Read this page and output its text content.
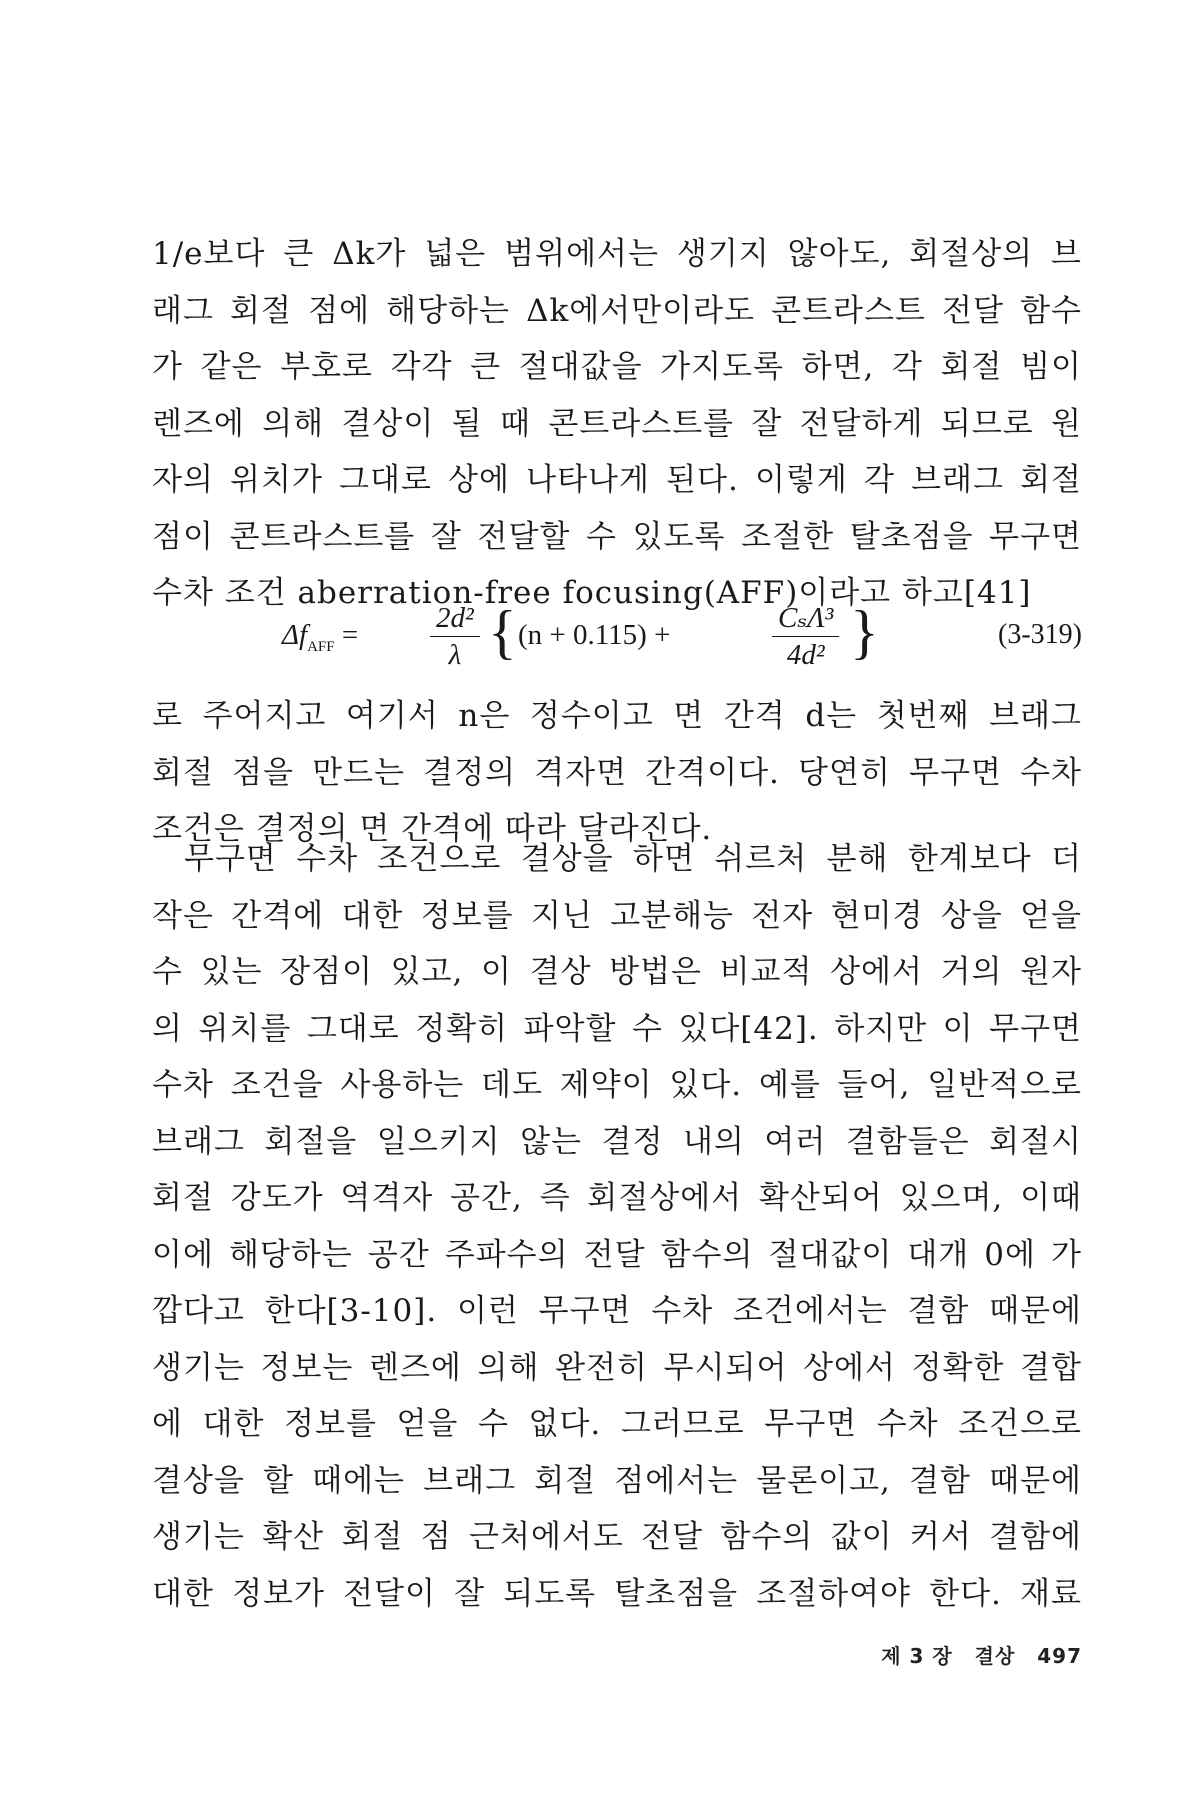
1/e보다 큰 Δk가 넓은 범위에서는 생기지 않아도, 회절상의 브
래그 회절 점에 해당하는 Δk에서만이라도 콘트라스트 전달 함수
가 같은 부호로 각각 큰 절대값을 가지도록 하면, 각 회절 빔이
렌즈에 의해 결상이 될 때 콘트라스트를 잘 전달하게 되므로 원
자의 위치가 그대로 상에 나타나게 된다. 이렇게 각 브래그 회절
점이 콘트라스트를 잘 전달할 수 있도록 조절한 탈초점을 무구면
수차 조건 aberration-free focusing(AFF)이라고 하고[41]
$\Delta f_{AFF} = \frac{\text{2d²}}{\lambda}$ { (n + 0.115) +
CₛΛ³
4d² }	(3-319)
로 주어지고 여기서 n은 정수이고 면 간격 d는 첫번째 브래그
회절 점을 만드는 결정의 격자면 간격이다. 당연히 무구면 수차
조건은 결정의 면 간격에 따라 달라진다.
무구면 수차 조건으로 결상을 하면 쉬르처 분해 한계보다 더
작은 간격에 대한 정보를 지닌 고분해능 전자 현미경 상을 얻을
수 있는 장점이 있고, 이 결상 방법은 비교적 상에서 거의 원자
의 위치를 그대로 정확히 파악할 수 있다[42]. 하지만 이 무구면
수차 조건을 사용하는 데도 제약이 있다. 예를 들어, 일반적으로
브래그 회절을 일으키지 않는 결정 내의 여러 결함들은 회절시
회절 강도가 역격자 공간, 즉 회절상에서 확산되어 있으며, 이때
이에 해당하는 공간 주파수의 전달 함수의 절대값이 대개 0에 가
깝다고 한다[3-10]. 이런 무구면 수차 조건에서는 결함 때문에
생기는 정보는 렌즈에 의해 완전히 무시되어 상에서 정확한 결합
에 대한 정보를 얻을 수 없다. 그러므로 무구면 수차 조건으로
결상을 할 때에는 브래그 회절 점에서는 물론이고, 결함 때문에
생기는 확산 회절 점 근처에서도 전달 함수의 값이 커서 결함에
대한 정보가 전달이 잘 되도록 탈초점을 조절하여야 한다. 재료
제 3 장 결상 497
